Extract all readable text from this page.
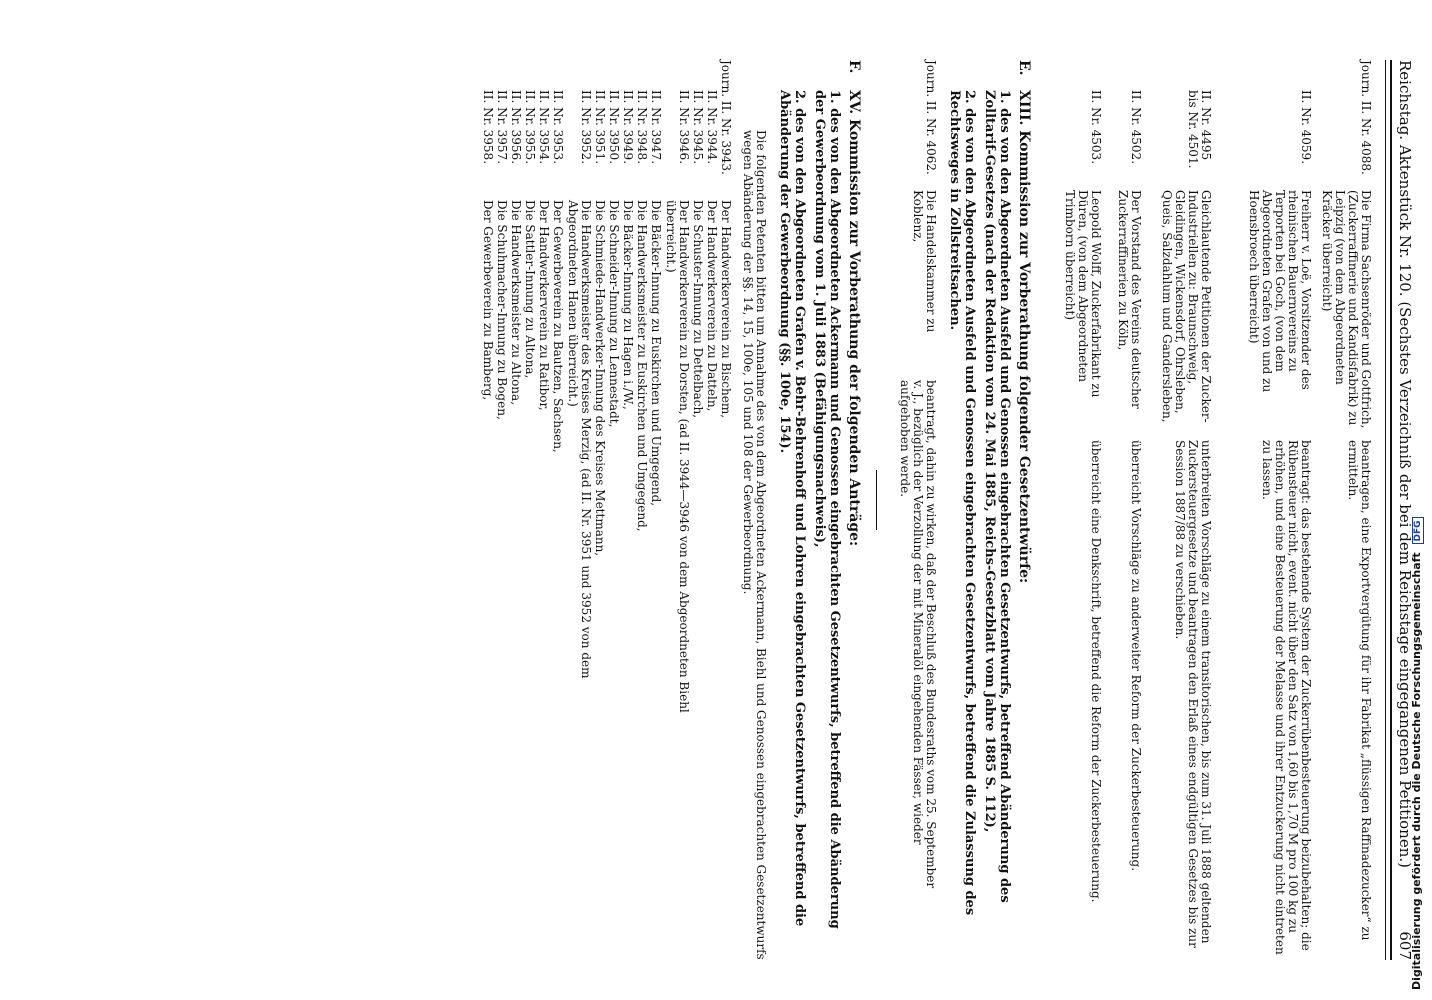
Reichstag. Aktenstück Nr. 120. (Sechstes Verzeichniß der bei dem Reichstage eingegangenen Petitionen.)
607
Journ. II. Nr. 4088.
Die Firma Sachsenröder und Gottfrich, (Zuckerraffinerie und Kandisfabrik) zu Leipzig (von dem Abgeordneten Kräcker überreicht)
beantragen, eine Exportvergütung für ihr Fabrikat „flüssigen Raffinadezucker“ zu ermitteln.
II. Nr. 4059.
Freiherr v. Loë, Vorsitzender des rheinischen Bauernvereins zu Terporten bei Goch, (von dem Abgeordneten Grafen von und zu Hoensbroech überreicht)
beantragt: das bestehende System der Zuckerrübenbesteuerung beizubehalten; die Rübensteuer nicht, event. nicht über den Satz von 1,60 bis 1,70 M pro 100 kg zu erhöhen, und eine Besteuerung der Melasse und ihrer Entzuckerung nicht eintreten zu lassen.
II. Nr. 4495 bis Nr. 4501.
Gleichlautende Petitionen der Zucker-Industriellen zu: Braunschweig, Gleidingen, Wickensdorf, Ohrsleben, Queis, Salzdahlum und Gandersleben,
unterbreiten Vorschläge zu einem transitorischen, bis zum 31. Juli 1888 geltenden Zuckersteuergesetze und beantragen den Erlaß eines endgültigen Gesetzes bis zur Session 1887/88 zu verschieben.
II. Nr. 4502.
Der Vorstand des Vereins deutscher Zuckerraffinerien zu Köln,
überreicht Vorschläge zu anderweiter Reform der Zuckerbesteuerung.
II. Nr. 4503.
Leopold Wolff, Zuckerfabrikant zu Düren, (von dem Abgeordneten Trimborn überreicht)
überreicht eine Denkschrift, betreffend die Reform der Zuckerbesteuerung.
E.
XIII. Kommission zur Vorberathung folgender Gesetzentwürfe:
1. des von den Abgeordneten Ausfeld und Genossen eingebrachten Gesetzentwurfs, betreffend Abänderung des Zolltarif-Gesetzes (nach der Redaktion vom 24. Mai 1885, Reichs-Gesetzblatt vom Jahre 1885 S. 112),
2. des von den Abgeordneten Ausfeld und Genossen eingebrachten Gesetzentwurfs, betreffend die Zulassung des Rechtsweges in Zollstreitsachen.
Journ. II. Nr. 4062.
Die Handelskammer zu Koblenz,
beantragt, dahin zu wirken, daß der Beschluß des Bundesraths vom 25. September v. J., bezüglich der Verzollung der mit Mineralöl eingehenden Fässer, wieder aufgehoben werde.
F.
XV. Kommission zur Vorberathung der folgenden Anträge:
1. des von den Abgeordneten Ackermann und Genossen eingebrachten Gesetzentwurfs, betreffend die Abänderung der Gewerbeordnung vom 1. Juli 1883 (Befähigungsnachweis),
2. des von den Abgeordneten Grafen v. Behr-Behrenhoff und Lohren eingebrachten Gesetzentwurfs, betreffend die Abänderung der Gewerbeordnung (§§. 100e, 154).
Die folgenden Petenten bitten um Annahme des von dem Abgeordneten Ackermann, Biehl und Genossen eingebrachten Gesetzentwurfs wegen Abänderung der §§. 14, 15, 100e, 105 und 108 der Gewerbeordnung.
Journ. II. Nr. 3943.
Der Handwerkerverein zu Bischem,
II. Nr. 3944.
Der Handwerkerverein zu Datteln,
II. Nr. 3945.
Die Schuster-Innung zu Dettelbach,
II. Nr. 3946.
Der Handwerkerverein zu Dorsten, (ad II. 3944—3946 von dem Abgeordneten Biehl überreicht.)
II. Nr. 3947.
Die Bäcker-Innung zu Euskirchen und Umgegend,
II. Nr. 3948.
Die Handwerksmeister zu Euskirchen und Umgegend,
II. Nr. 3949.
Die Bäcker-Innung zu Hagen i./W.,
II. Nr. 3950.
Die Schneider-Innung zu Lennestadt,
II. Nr. 3951.
Die Schmiede-Handwerker-Innung des Kreises Mettmann,
II. Nr. 3952.
Die Handwerksmeister des Kreises Merzig, (ad II. Nr. 3951 und 3952 von dem Abgeordneten Hanen überreicht.)
II. Nr. 3953.
Der Gewerbeverein zu Bautzen, Sachsen,
II. Nr. 3954.
Der Handwerkerverein zu Ratibor,
II. Nr. 3955.
Die Sattler-Innung zu Altona,
II. Nr. 3956.
Die Handwerksmeister zu Altona,
II. Nr. 3957.
Die Schuhmacher-Innung zu Bogen,
II. Nr. 3958.
Der Gewerbeverein zu Bamberg,
Digitalisierung gefördert durch die Deutsche Forschungsgemeinschaft DFG
